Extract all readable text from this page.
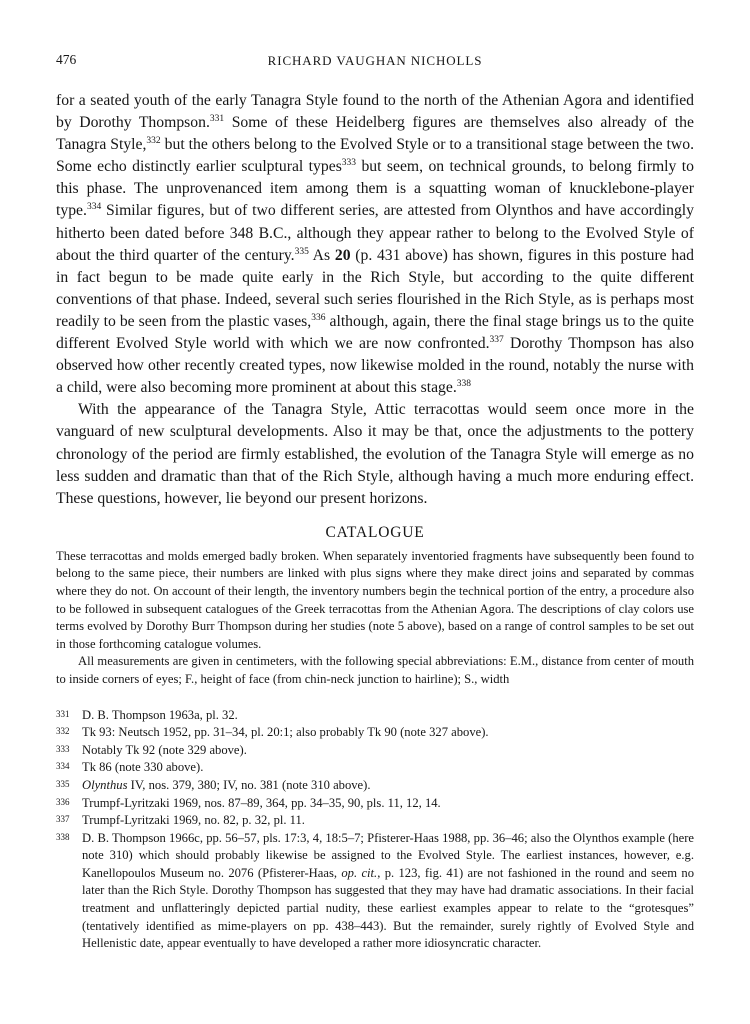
476	RICHARD VAUGHAN NICHOLLS

for a seated youth of the early Tanagra Style found to the north of the Athenian Agora and identified by Dorothy Thompson.$^{331}$ Some of these Heidelberg figures are themselves also already of the Tanagra Style,$^{332}$ but the others belong to the Evolved Style or to a transitional stage between the two. Some echo distinctly earlier sculptural types$^{333}$ but seem, on technical grounds, to belong firmly to this phase. The unprovenanced item among them is a squatting woman of knucklebone-player type.$^{334}$ Similar figures, but of two different series, are attested from Olynthos and have accordingly hitherto been dated before 348 B.C., although they appear rather to belong to the Evolved Style of about the third quarter of the century.$^{335}$ As 20 (p. 431 above) has shown, figures in this posture had in fact begun to be made quite early in the Rich Style, but according to the quite different conventions of that phase. Indeed, several such series flourished in the Rich Style, as is perhaps most readily to be seen from the plastic vases,$^{336}$ although, again, there the final stage brings us to the quite different Evolved Style world with which we are now confronted.$^{337}$ Dorothy Thompson has also observed how other recently created types, now likewise molded in the round, notably the nurse with a child, were also becoming more prominent at about this stage.$^{338}$

With the appearance of the Tanagra Style, Attic terracottas would seem once more in the vanguard of new sculptural developments. Also it may be that, once the adjustments to the pottery chronology of the period are firmly established, the evolution of the Tanagra Style will emerge as no less sudden and dramatic than that of the Rich Style, although having a much more enduring effect. These questions, however, lie beyond our present horizons.

CATALOGUE

These terracottas and molds emerged badly broken. When separately inventoried fragments have subsequently been found to belong to the same piece, their numbers are linked with plus signs where they make direct joins and separated by commas where they do not. On account of their length, the inventory numbers begin the technical portion of the entry, a procedure also to be followed in subsequent catalogues of the Greek terracottas from the Athenian Agora. The descriptions of clay colors use terms evolved by Dorothy Burr Thompson during her studies (note 5 above), based on a range of control samples to be set out in those forthcoming catalogue volumes.

All measurements are given in centimeters, with the following special abbreviations: E.M., distance from center of mouth to inside corners of eyes; F., height of face (from chin-neck junction to hairline); S., width

331 D. B. Thompson 1963a, pl. 32.
332 Tk 93: Neutsch 1952, pp. 31–34, pl. 20:1; also probably Tk 90 (note 327 above).
333 Notably Tk 92 (note 329 above).
334 Tk 86 (note 330 above).
335 Olynthus IV, nos. 379, 380; IV, no. 381 (note 310 above).
336 Trumpf-Lyritzaki 1969, nos. 87–89, 364, pp. 34–35, 90, pls. 11, 12, 14.
337 Trumpf-Lyritzaki 1969, no. 82, p. 32, pl. 11.
338 D. B. Thompson 1966c, pp. 56–57, pls. 17:3, 4, 18:5–7; Pfisterer-Haas 1988, pp. 36–46; also the Olynthos example (here note 310) which should probably likewise be assigned to the Evolved Style. The earliest instances, however, e.g. Kanellopoulos Museum no. 2076 (Pfisterer-Haas, op. cit., p. 123, fig. 41) are not fashioned in the round and seem no later than the Rich Style. Dorothy Thompson has suggested that they may have had dramatic associations. In their facial treatment and unflatteringly depicted partial nudity, these earliest examples appear to relate to the “grotesques” (tentatively identified as mime-players on pp. 438–443). But the remainder, surely rightly of Evolved Style and Hellenistic date, appear eventually to have developed a rather more idiosyncratic character.
